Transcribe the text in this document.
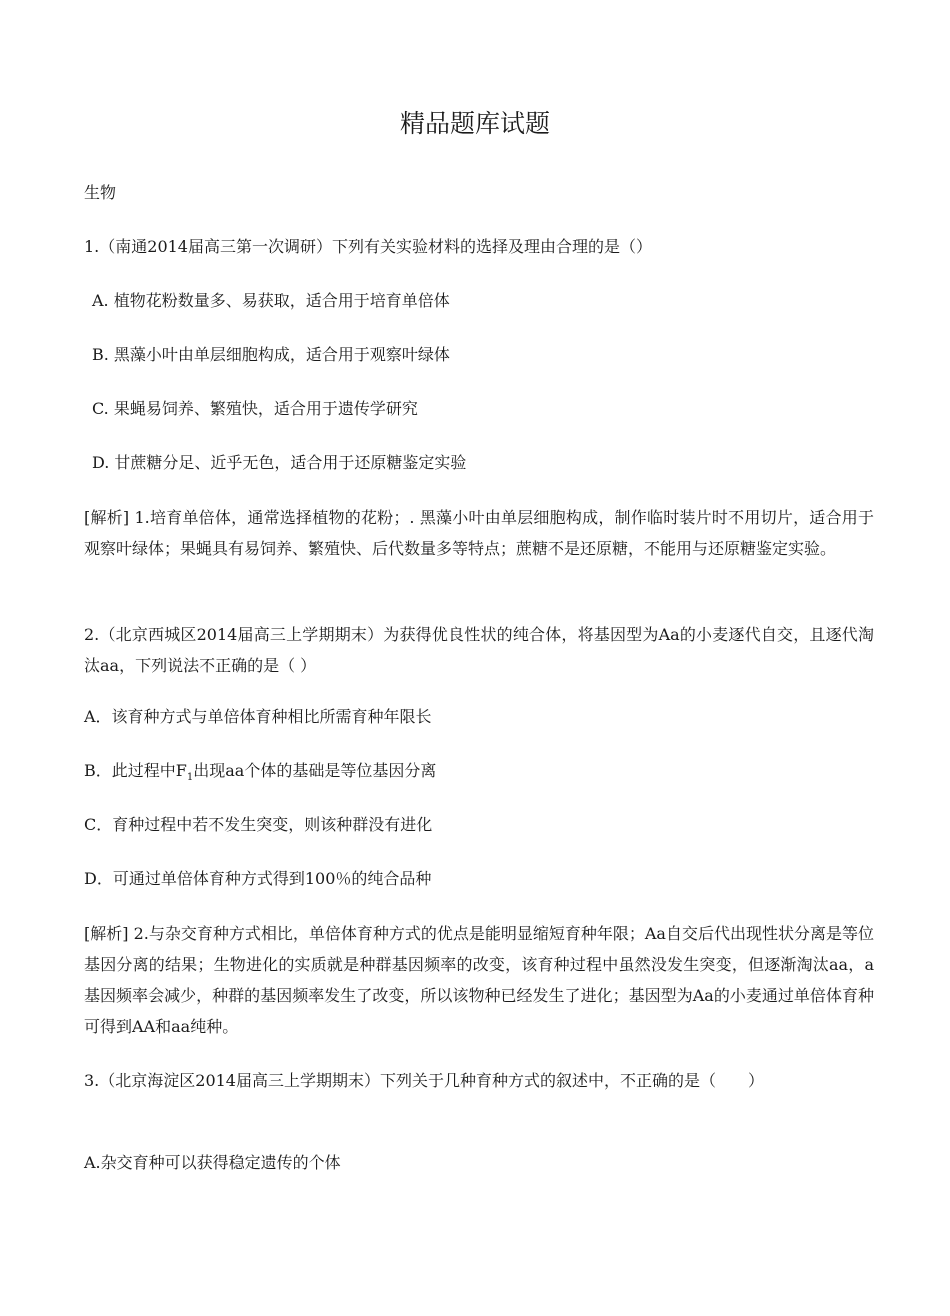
精品题库试题
生物
1.（南通2014届高三第一次调研）下列有关实验材料的选择及理由合理的是（）
A. 植物花粉数量多、易获取，适合用于培育单倍体
B. 黑藻小叶由单层细胞构成，适合用于观察叶绿体
C. 果蝇易饲养、繁殖快，适合用于遗传学研究
D. 甘蔗糖分足、近乎无色，适合用于还原糖鉴定实验
[解析] 1.培育单倍体，通常选择植物的花粉；. 黑藻小叶由单层细胞构成，制作临时装片时不用切片，适合用于观察叶绿体；果蝇具有易饲养、繁殖快、后代数量多等特点；蔗糖不是还原糖，不能用与还原糖鉴定实验。
2.（北京西城区2014届高三上学期期末）为获得优良性状的纯合体，将基因型为Aa的小麦逐代自交，且逐代淘汰aa，下列说法不正确的是（ ）
A．该育种方式与单倍体育种相比所需育种年限长
B．此过程中$F_1$出现aa个体的基础是等位基因分离
C．育种过程中若不发生突变，则该种群没有进化
D．可通过单倍体育种方式得到100％的纯合品种
[解析] 2.与杂交育种方式相比，单倍体育种方式的优点是能明显缩短育种年限；Aa自交后代出现性状分离是等位基因分离的结果；生物进化的实质就是种群基因频率的改变，该育种过程中虽然没发生突变，但逐渐淘汰aa，a基因频率会减少，种群的基因频率发生了改变，所以该物种已经发生了进化；基因型为Aa的小麦通过单倍体育种可得到AA和aa纯种。
3.（北京海淀区2014届高三上学期期末）下列关于几种育种方式的叙述中，不正确的是（　　）
A.杂交育种可以获得稳定遗传的个体
